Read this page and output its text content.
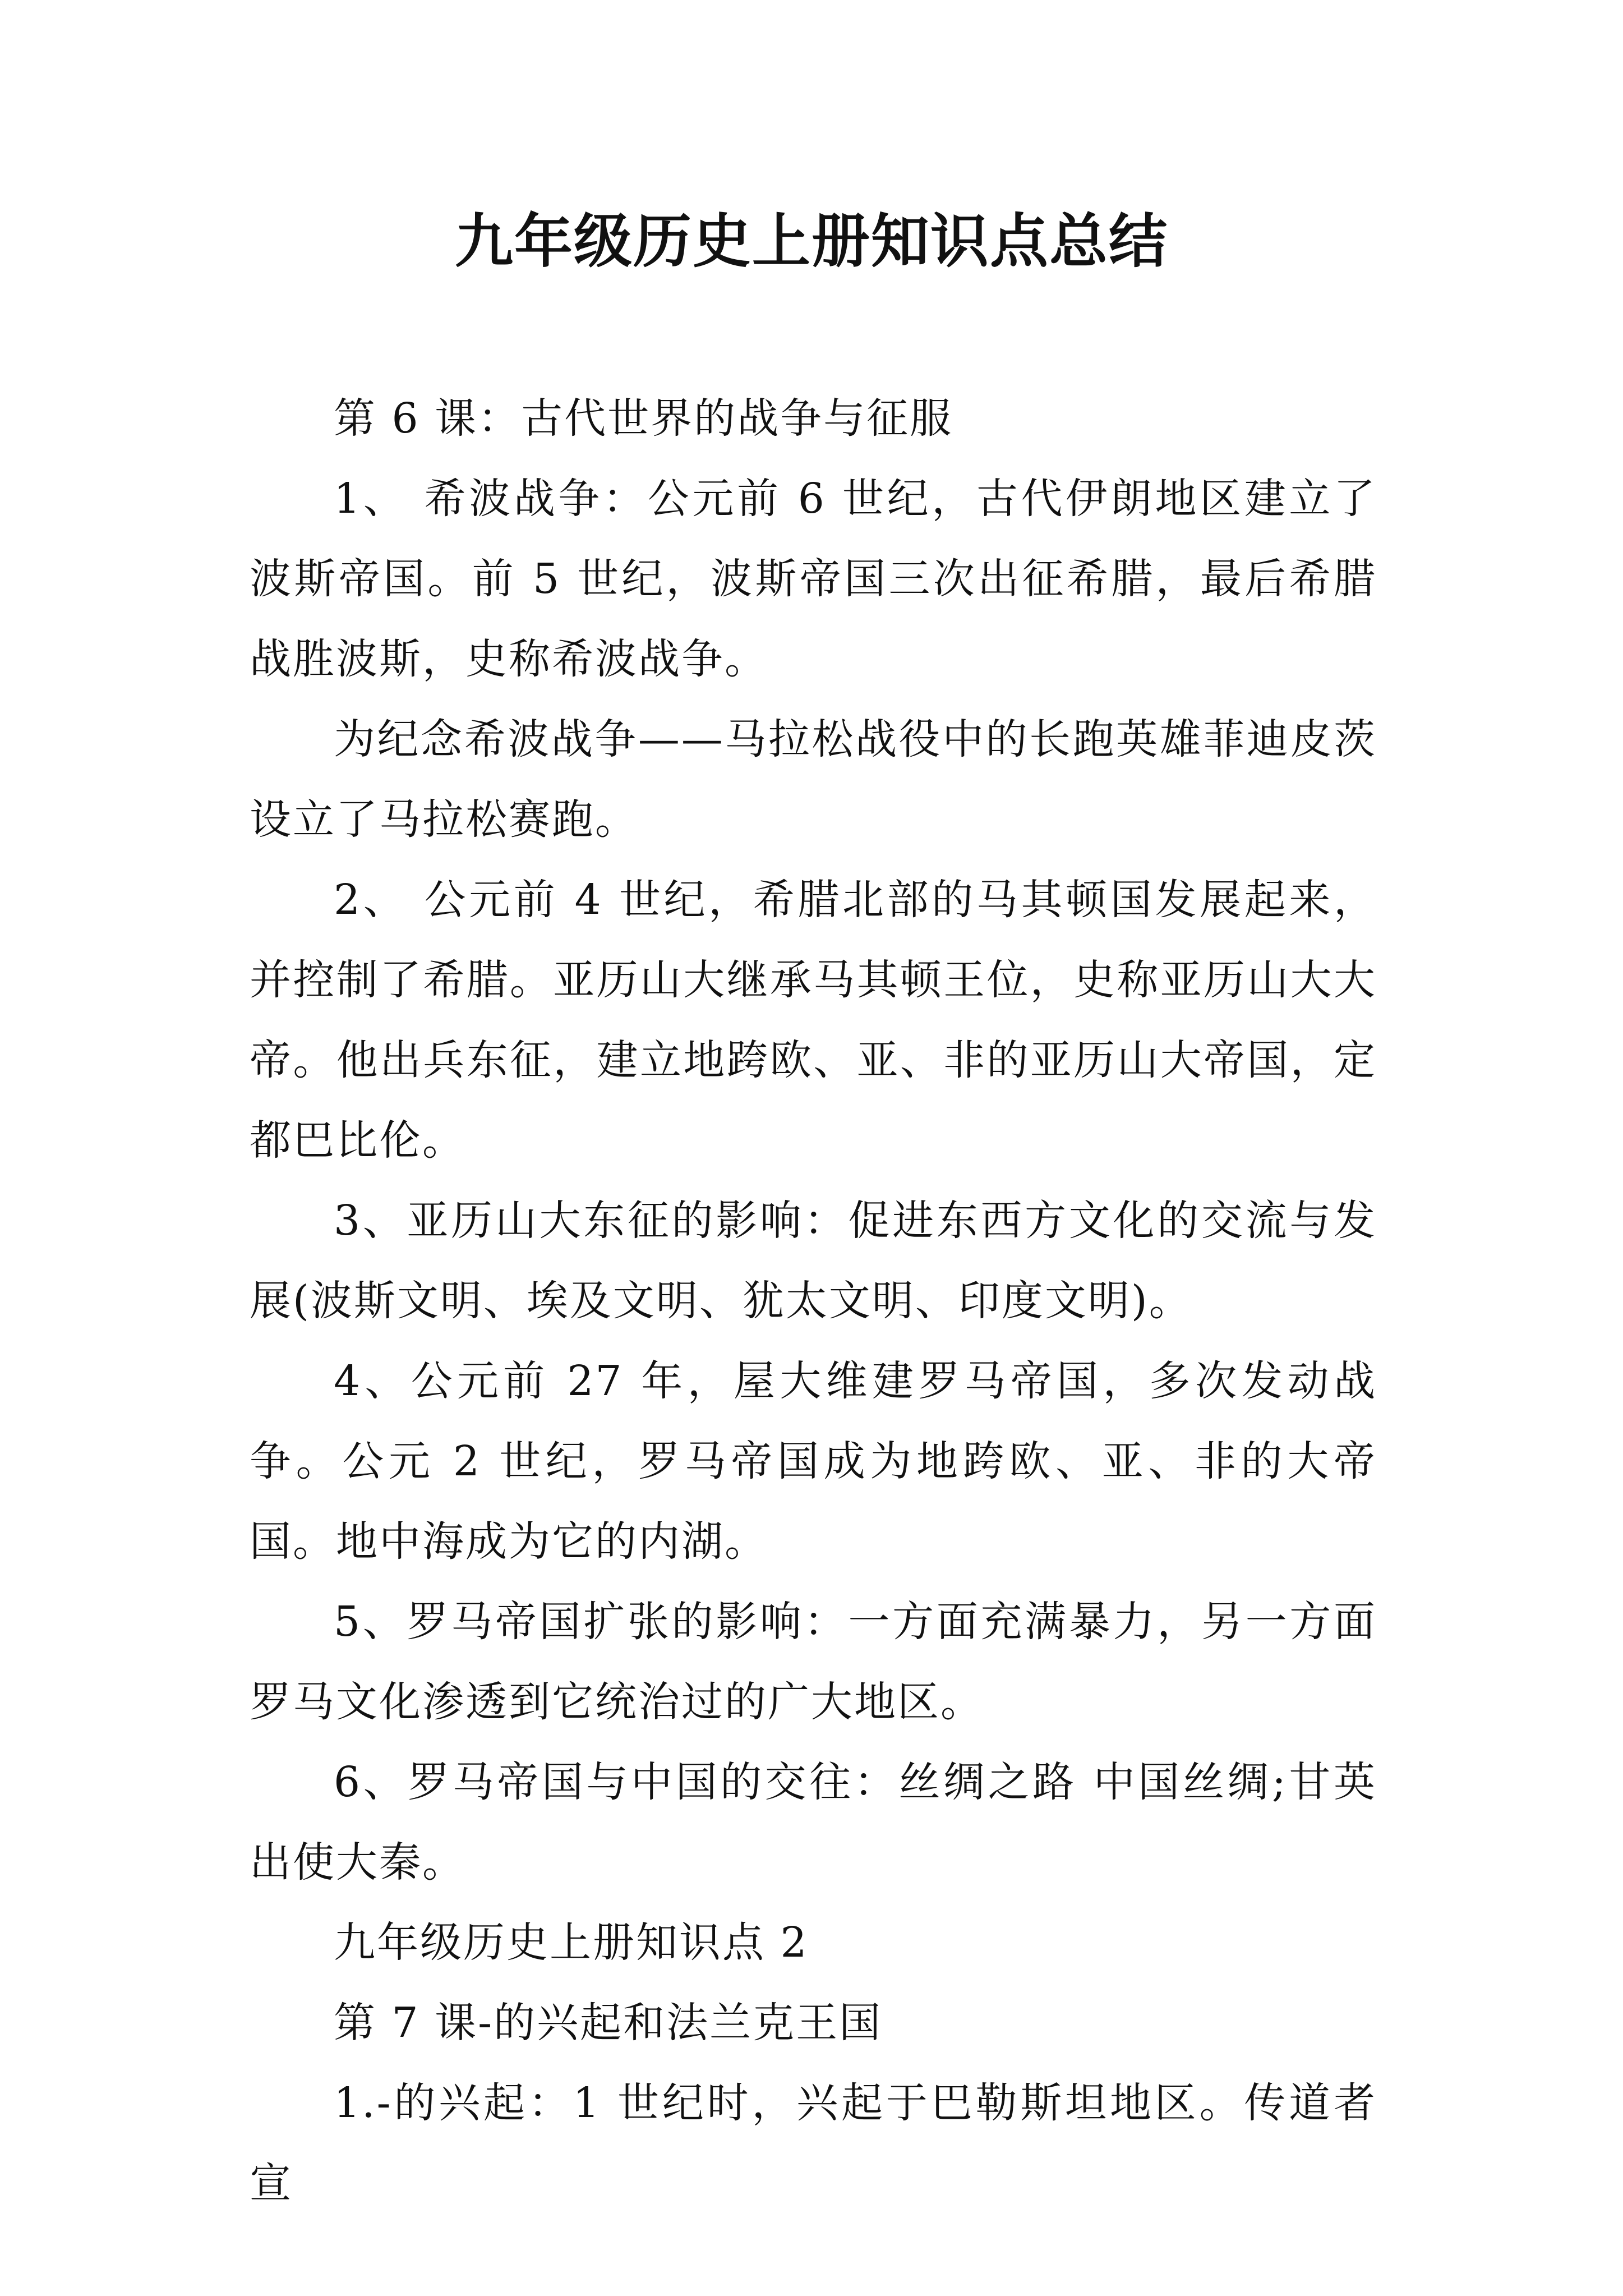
九年级历史上册知识点总结

第 6 课：古代世界的战争与征服

1、 希波战争：公元前 6 世纪，古代伊朗地区建立了波斯帝国。前 5 世纪，波斯帝国三次出征希腊，最后希腊战胜波斯，史称希波战争。

为纪念希波战争——马拉松战役中的长跑英雄菲迪皮茨设立了马拉松赛跑。

2、 公元前 4 世纪，希腊北部的马其顿国发展起来，并控制了希腊。亚历山大继承马其顿王位，史称亚历山大大帝。他出兵东征，建立地跨欧、亚、非的亚历山大帝国，定都巴比伦。

3、亚历山大东征的影响：促进东西方文化的交流与发展(波斯文明、埃及文明、犹太文明、印度文明)。

4、公元前 27 年，屋大维建罗马帝国，多次发动战争。公元 2 世纪，罗马帝国成为地跨欧、亚、非的大帝国。地中海成为它的内湖。

5、罗马帝国扩张的影响：一方面充满暴力，另一方面罗马文化渗透到它统治过的广大地区。

6、罗马帝国与中国的交往：丝绸之路 中国丝绸;甘英出使大秦。

九年级历史上册知识点 2

第 7 课-的兴起和法兰克王国

1.-的兴起：1 世纪时，兴起于巴勒斯坦地区。传道者宣
